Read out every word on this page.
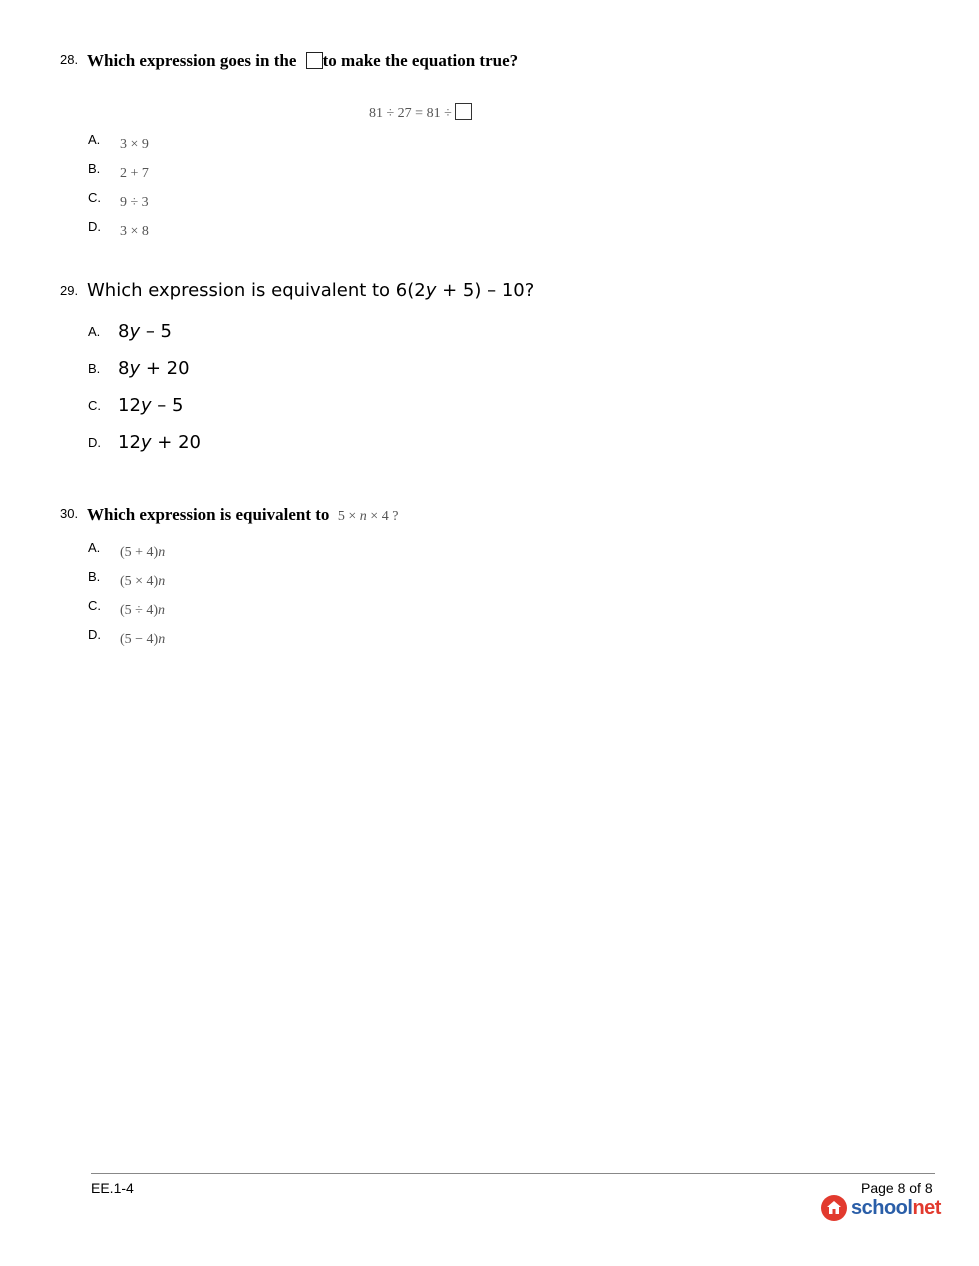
28. Which expression goes in the to make the equation true?
81 ÷ 27 = 81 ÷
A. 3 × 9
B. 2 + 7
C. 9 ÷ 3
D. 3 × 8
29. Which expression is equivalent to 6(2y + 5) – 10?
A. 8y – 5
B. 8y + 20
C. 12y – 5
D. 12y + 20
30. Which expression is equivalent to 5 × n × 4 ?
A. (5 + 4)n
B. (5 × 4)n
C. (5 ÷ 4)n
D. (5 − 4)n
EE.1-4	Page 8 of 8
schoolnet
